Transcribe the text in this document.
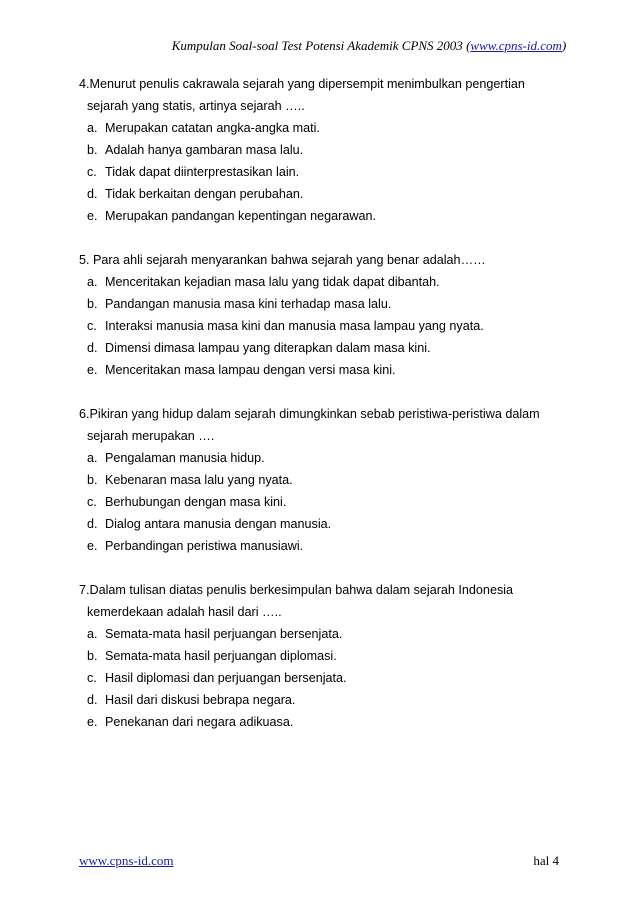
Kumpulan Soal-soal Test Potensi Akademik CPNS 2003 (www.cpns-id.com)
4.Menurut penulis cakrawala sejarah yang dipersempit menimbulkan pengertian
sejarah yang statis, artinya sejarah …..
a. Merupakan catatan angka-angka mati.
b. Adalah hanya gambaran masa lalu.
c. Tidak dapat diinterprestasikan lain.
d. Tidak berkaitan dengan perubahan.
e. Merupakan pandangan kepentingan negarawan.
5. Para ahli sejarah menyarankan bahwa sejarah yang benar adalah……
a. Menceritakan kejadian masa lalu yang tidak dapat dibantah.
b. Pandangan manusia masa kini terhadap masa lalu.
c. Interaksi manusia masa kini dan manusia masa lampau yang nyata.
d. Dimensi dimasa lampau yang diterapkan dalam masa kini.
e. Menceritakan masa lampau dengan versi masa kini.
6.Pikiran yang hidup dalam sejarah dimungkinkan sebab peristiwa-peristiwa dalam
sejarah merupakan ….
a. Pengalaman manusia hidup.
b. Kebenaran masa lalu yang nyata.
c. Berhubungan dengan masa kini.
d. Dialog antara manusia dengan manusia.
e. Perbandingan peristiwa manusiawi.
7.Dalam tulisan diatas penulis berkesimpulan bahwa dalam sejarah Indonesia
kemerdekaan adalah hasil dari …..
a. Semata-mata hasil perjuangan bersenjata.
b. Semata-mata hasil perjuangan diplomasi.
c. Hasil diplomasi dan perjuangan bersenjata.
d. Hasil dari diskusi bebrapa negara.
e. Penekanan dari negara adikuasa.
www.cpns-id.com	hal 4
